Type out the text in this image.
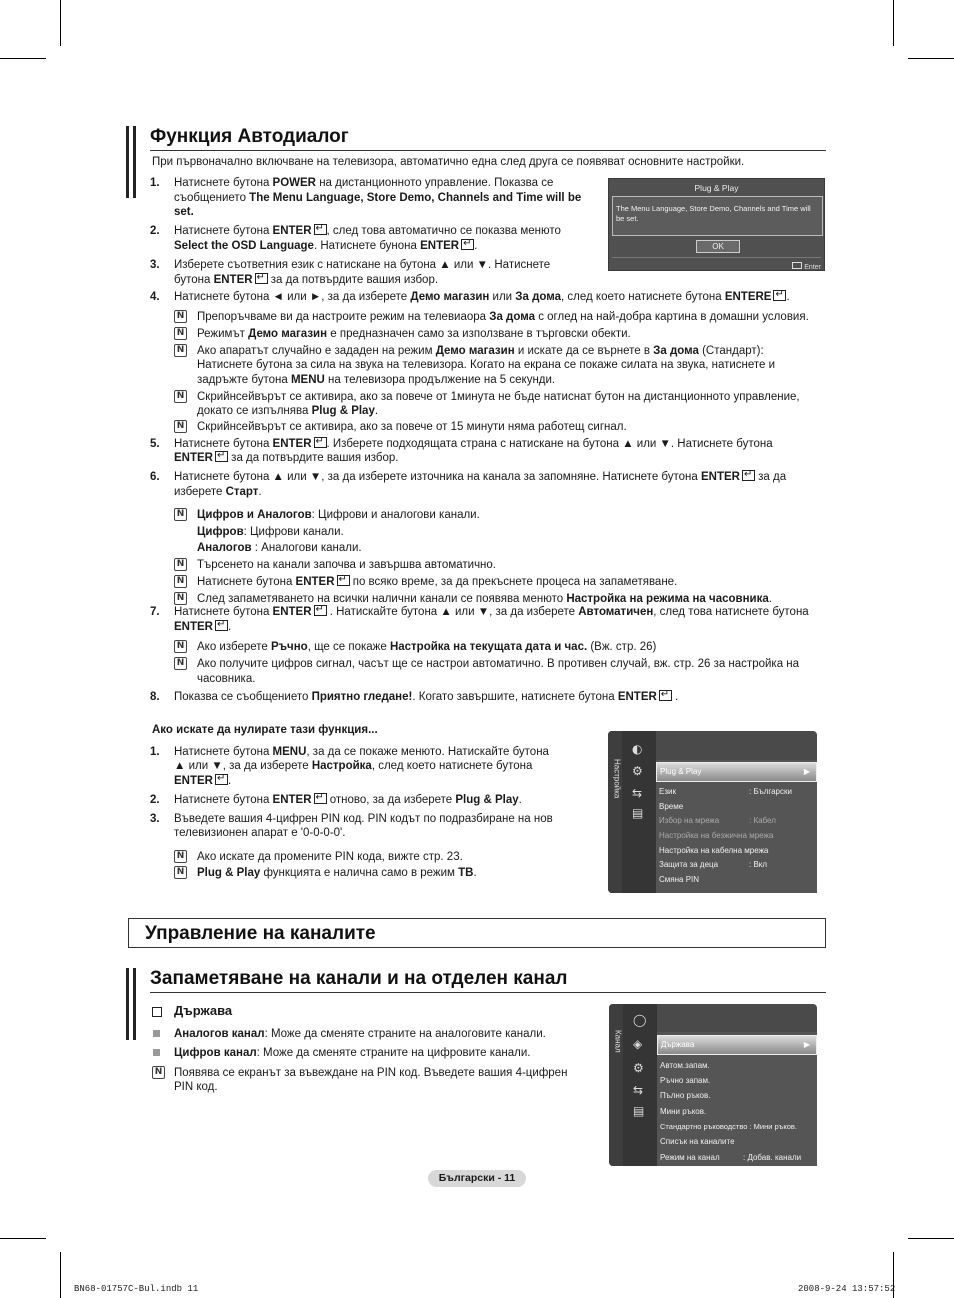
Функция Автодиалог
При първоначално включване на телевизора, автоматично една след друга се появяват основните настройки.
1. Натиснете бутона POWER на дистанционното управление. Показва се
съобщението The Menu Language, Store Demo, Channels and Time will be
set.
2. Натиснете бутона ENTER ↵ , след това автоматично се показва менюто
Select the OSD Language. Натиснете бунона ENTER ↵ .
3. Изберете съответния език с натискане на бутона ▲ или ▼. Натиснете
бутона ENTER↵ за да потвърдите вашия избор.
Plug & Play
The Menu Language, Store Demo, Channels and Time will be set.
OK
Enter
4. Натиснете бутона ◄ или ►, за да изберете Демо магазин или За дома, след което натиснете бутона ENTERE ↵ .
N Препоръчваме ви да настроите режим на телевиаора За дома с оглед на най-добра картина в домашни условия.
N Режимът Демо магазин е предназначен само за използване в търговски обекти.
N Ако апаратът случайно е зададен на режим Демо магазин и искате да се върнете в За дома (Стандарт):
Натиснете бутона за сила на звука на телевизора. Когато на екрана се покаже силата на звука, натиснете и
задръжте бутона MENU на телевизора продължение на 5 секунди.
N Скрийнсейвърът се активира, ако за повече от 1минута не бъде натиснат бутон на дистанционното управление,
докато се изпълнява Plug & Play.
N Скрийнсейвърът се активира, ако за повече от 15 минути няма работещ сигнал.
5. Натиснете бутона ENTER ↵ . Изберете подходящата страна с натискане на бутона ▲ или ▼. Натиснете бутона
ENTER↵ за да потвърдите вашия избор.
6. Натиснете бутона ▲ или ▼, за да изберете източника на канала за запомняне. Натиснете бутона ENTER↵ за да
изберете Старт.
N Цифров и Аналогов: Цифрови и аналогови канали.
Цифров: Цифрови канали.
Аналогов : Аналогови канали.
N Търсенето на канали започва и завършва автоматично.
N Натиснете бутона ENTER↵ по всяко време, за да прекъснете процеса на запаметяване.
N След запаметяването на всички налични канали се появява менюто Настройка на режима на часовника.
7. Натиснете бутона ENTER↵ . Натискайте бутона ▲ или ▼, за да изберете Автоматичен, след това натиснете бутона
ENTER ↵ .
N Ако изберете Ръчно, ще се покаже Настройка на текущата дата и час. (Вж. стр. 26)
N Ако получите цифров сигнал, часът ще се настрои автоматично. В противен случай, вж. стр. 26 за настройка на
часовника.
8. Показва се съобщението Приятно гледане!. Когато завършите, натиснете бутона ENTER↵ .
Ако искате да нулирате тази функция...
1. Натиснете бутона MENU, за да се покаже менюто. Натискайте бутона
▲ или ▼, за да изберете Настройка, след което натиснете бутона
ENTER ↵ .
2. Натиснете бутона ENTER↵ отново, за да изберете Plug & Play.
3. Въведете вашия 4-цифрен PIN код. PIN кодът по подразбиране на нов
телевизионен апарат е '0-0-0-0'.
N Ако искате да промените PIN кода, вижте стр. 23.
N Plug & Play функцията е налична само в режим ТВ.
Настройка
◐
⚙
⇆
▤
Plug & Play	▶
Език	: Български
Време
Избор на мрежа	: Кабел
Настройка на безжична мрежа
Настройка на кабелна мрежа
Защита за деца	: Вкл
Смяна PIN
Управление на каналите
Запаметяване на канали и на отделен канал
Държава
Аналогов канал: Може да сменяте страните на аналоговите канали.
Цифров канал: Може да сменяте страните на цифровите канали.
N Появява се екранът за въвеждане на PIN код. Въведете вашия 4-цифрен
PIN код.
Канал
◯
◈
⚙
⇆
▤
Държава	▶
Автом.запам.
Ръчно запам.
Пълно ръков.
Мини ръков.
Стандартно ръководство : Мини ръков.
Списък на каналите
Режим на канал	: Добав. канали
Български - 11
BN68-01757C-Bul.indb 11	2008-9-24 13:57:52
